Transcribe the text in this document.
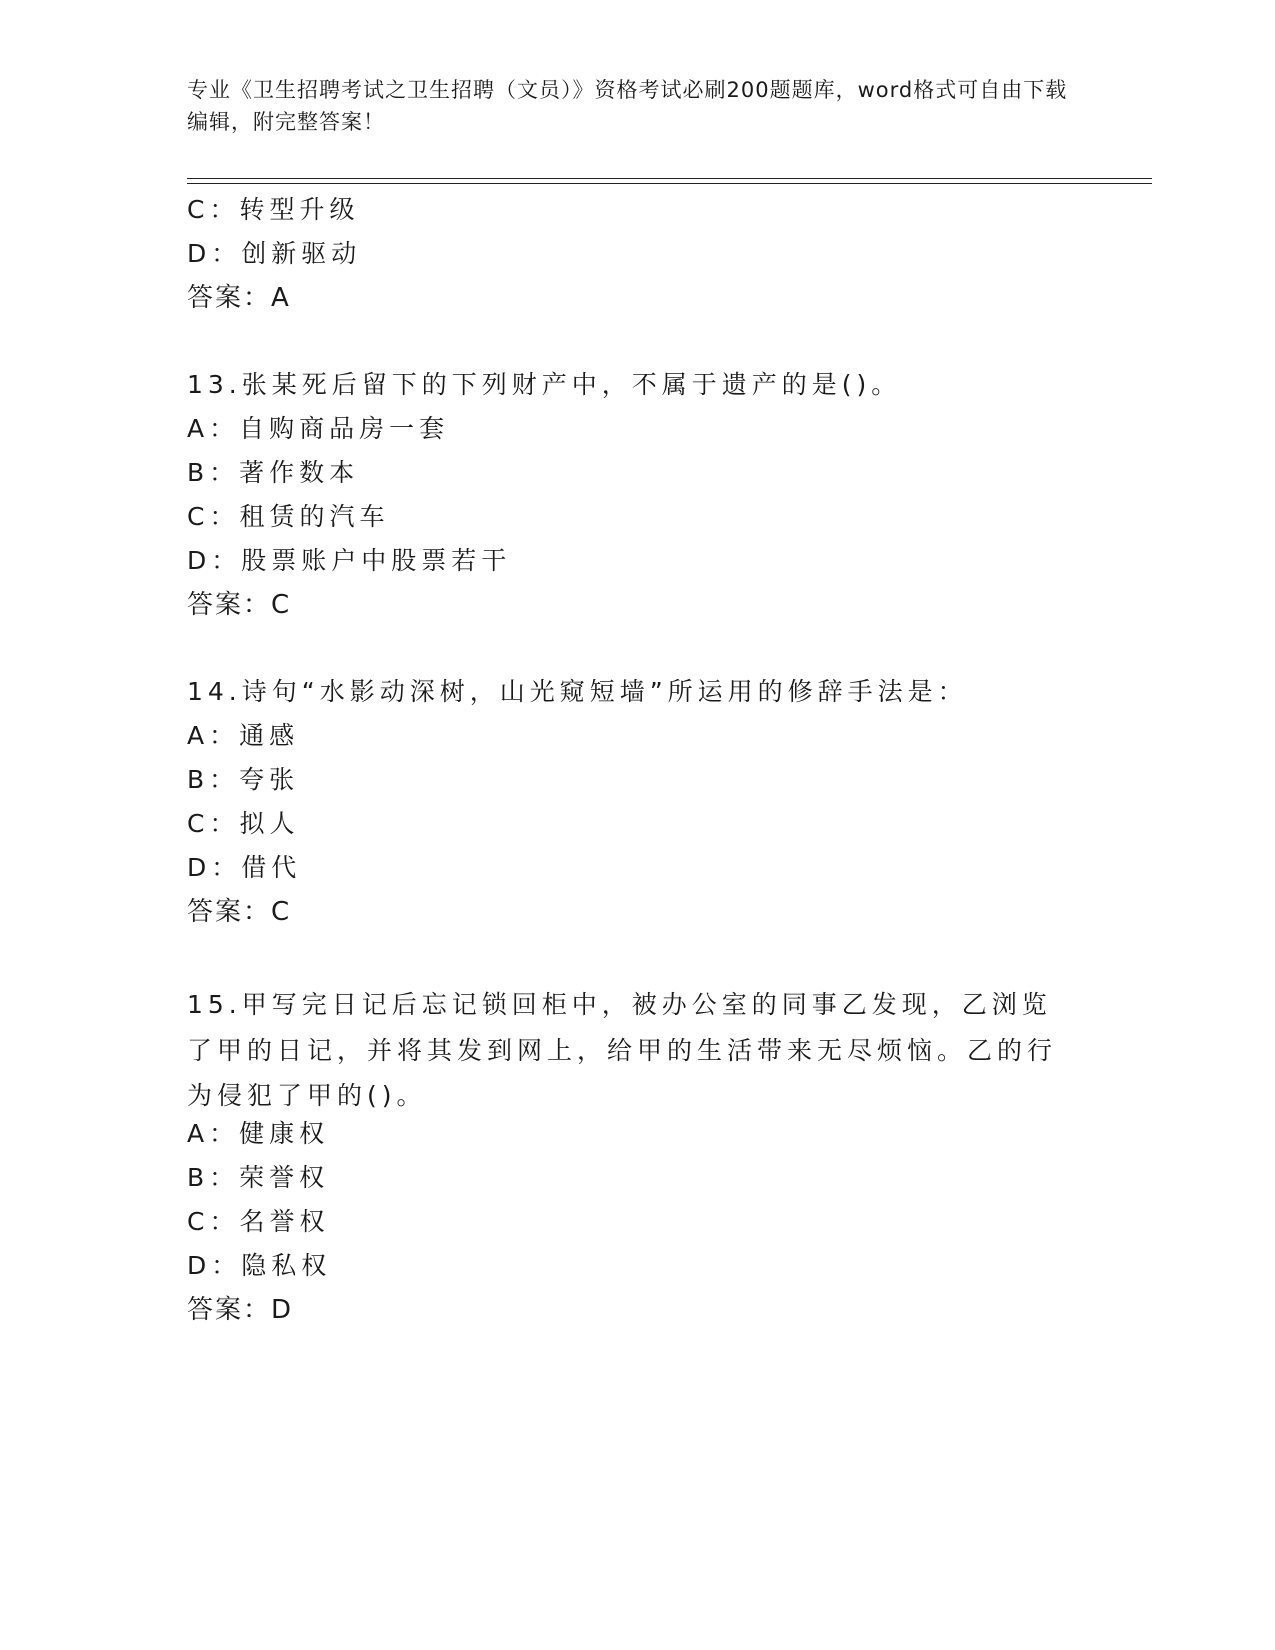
专业《卫生招聘考试之卫生招聘（文员）》资格考试必刷200题题库，word格式可自由下载编辑，附完整答案！
C：转型升级
D：创新驱动
答案：A
13.张某死后留下的下列财产中，不属于遗产的是()。
A：自购商品房一套
B：著作数本
C：租赁的汽车
D：股票账户中股票若干
答案：C
14.诗句“水影动深树，山光窥短墙”所运用的修辞手法是：
A：通感
B：夸张
C：拟人
D：借代
答案：C
15.甲写完日记后忘记锁回柜中，被办公室的同事乙发现，乙浏览了甲的日记，并将其发到网上，给甲的生活带来无尽烦恼。乙的行为侵犯了甲的()。
A：健康权
B：荣誉权
C：名誉权
D：隐私权
答案：D
